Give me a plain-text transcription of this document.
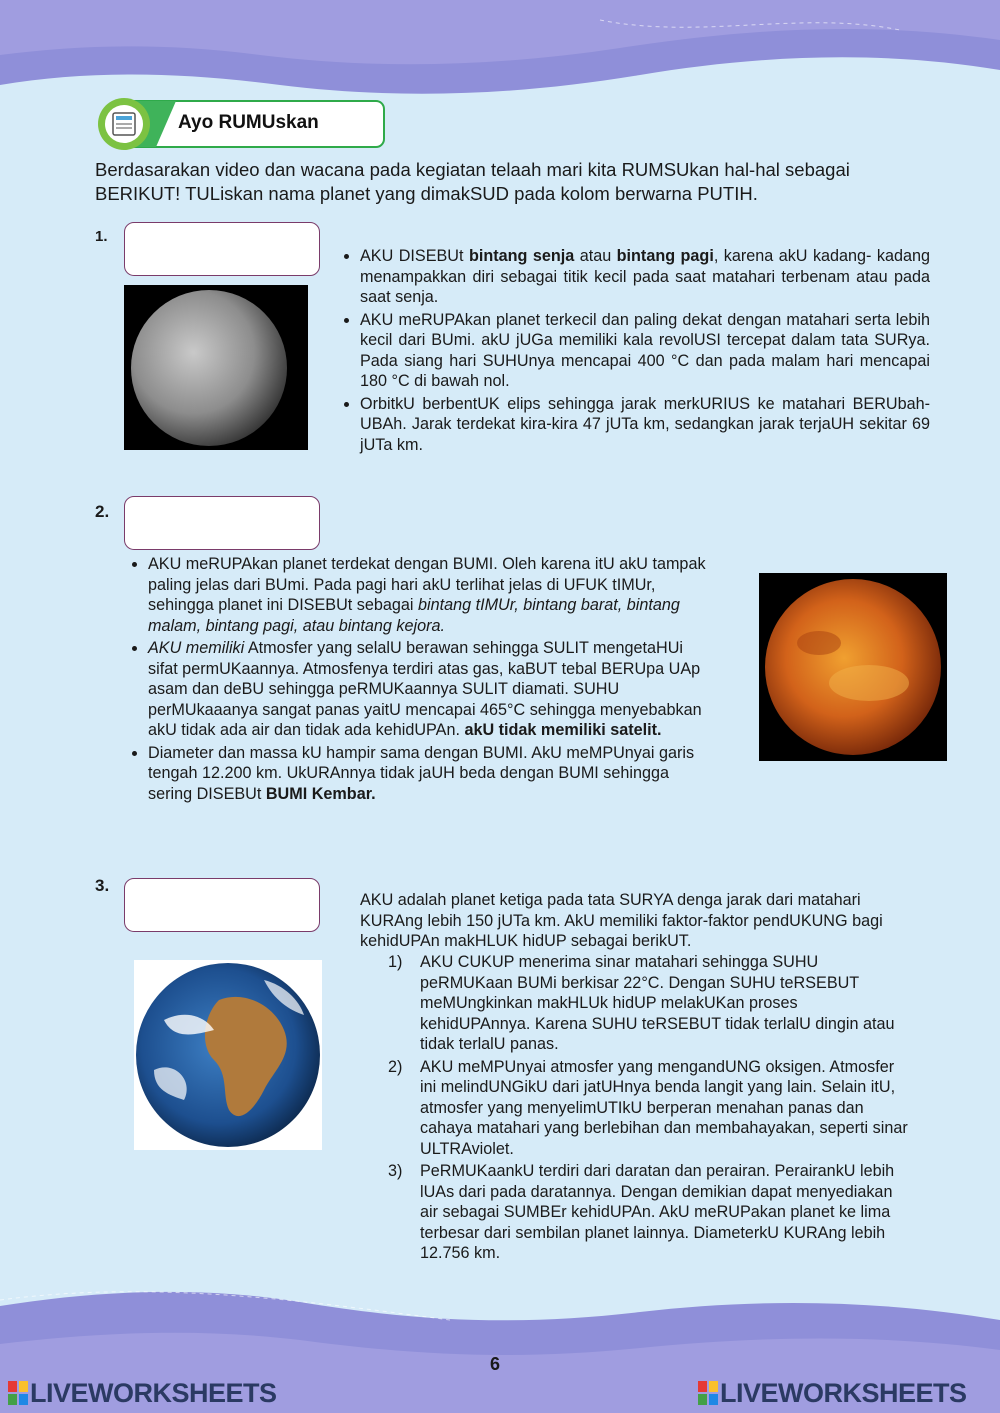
Ayo RUMUskan
Berdasarakan video dan wacana pada kegiatan telaah mari kita RUMSUkan hal-hal sebagai BERIKUT! TULiskan nama planet yang dimakSUD pada kolom berwarna PUTIH.
1.
• AKU DISEBUt bintang senja atau bintang pagi, karena akU kadang- kadang menampakkan diri sebagai titik kecil pada saat matahari terbenam atau pada saat senja.
• AKU meRUPAkan planet terkecil dan paling dekat dengan matahari serta lebih kecil dari BUmi. akU jUGa memiliki kala revolUSI tercepat dalam tata SURya. Pada siang hari SUHUnya mencapai 400 °C dan pada malam hari mencapai 180 °C di bawah nol.
• OrbitkU berbentUK elips sehingga jarak merkURIUS ke matahari BERUbah-UBAh. Jarak terdekat kira-kira 47 jUTa km, sedangkan jarak terjaUH sekitar 69 jUTa km.
2.
• AKU meRUPAkan planet terdekat dengan BUMI. Oleh karena itU akU tampak paling jelas dari BUmi. Pada pagi hari akU terlihat jelas di UFUK tIMUr, sehingga planet ini DISEBUt sebagai bintang tIMUr, bintang barat, bintang malam, bintang pagi, atau bintang kejora.
• AKU memiliki Atmosfer yang selalU berawan sehingga SULIT mengetaHUi sifat permUKaannya. Atmosfenya terdiri atas gas, kaBUT tebal BERUpa UAp asam dan deBU sehingga peRMUKaannya SULIT diamati. SUHU perMUkaaanya sangat panas yaitU mencapai 465°C sehingga menyebabkan akU tidak ada air dan tidak ada kehidUPAn. akU tidak memiliki satelit.
• Diameter dan massa kU hampir sama dengan BUMI. AkU meMPUnyai garis tengah 12.200 km. UkURAnnya tidak jaUH beda dengan BUMI sehingga sering DISEBUt BUMI Kembar.
3.
AKU adalah planet ketiga pada tata SURYA denga jarak dari matahari KURAng lebih 150 jUTa km. AkU memiliki faktor-faktor pendUKUNG bagi kehidUPAn makHLUK hidUP sebagai berikUT.
1) AKU CUKUP menerima sinar matahari sehingga SUHU peRMUKaan BUMi berkisar 22°C. Dengan SUHU teRSEBUT meMUngkinkan makHLUk hidUP melakUKan proses kehidUPAnnya. Karena SUHU teRSEBUT tidak terlalU dingin atau tidak terlalU panas.
2) AKU meMPUnyai atmosfer yang mengandUNG oksigen. Atmosfer ini melindUNGikU dari jatUHnya benda langit yang lain. Selain itU, atmosfer yang menyelimUTIkU berperan menahan panas dan cahaya matahari yang berlebihan dan membahayakan, seperti sinar ULTRAviolet.
3) PeRMUKaankU terdiri dari daratan dan perairan. PerairankU lebih lUAs dari pada daratannya. Dengan demikian dapat menyediakan air sebagai SUMBEr kehidUPAn. AkU meRUPakan planet ke lima terbesar dari sembilan planet lainnya. DiameterkU KURAng lebih 12.756 km.
6
LIVEWORKSHEETS	LIVEWORKSHEETS
